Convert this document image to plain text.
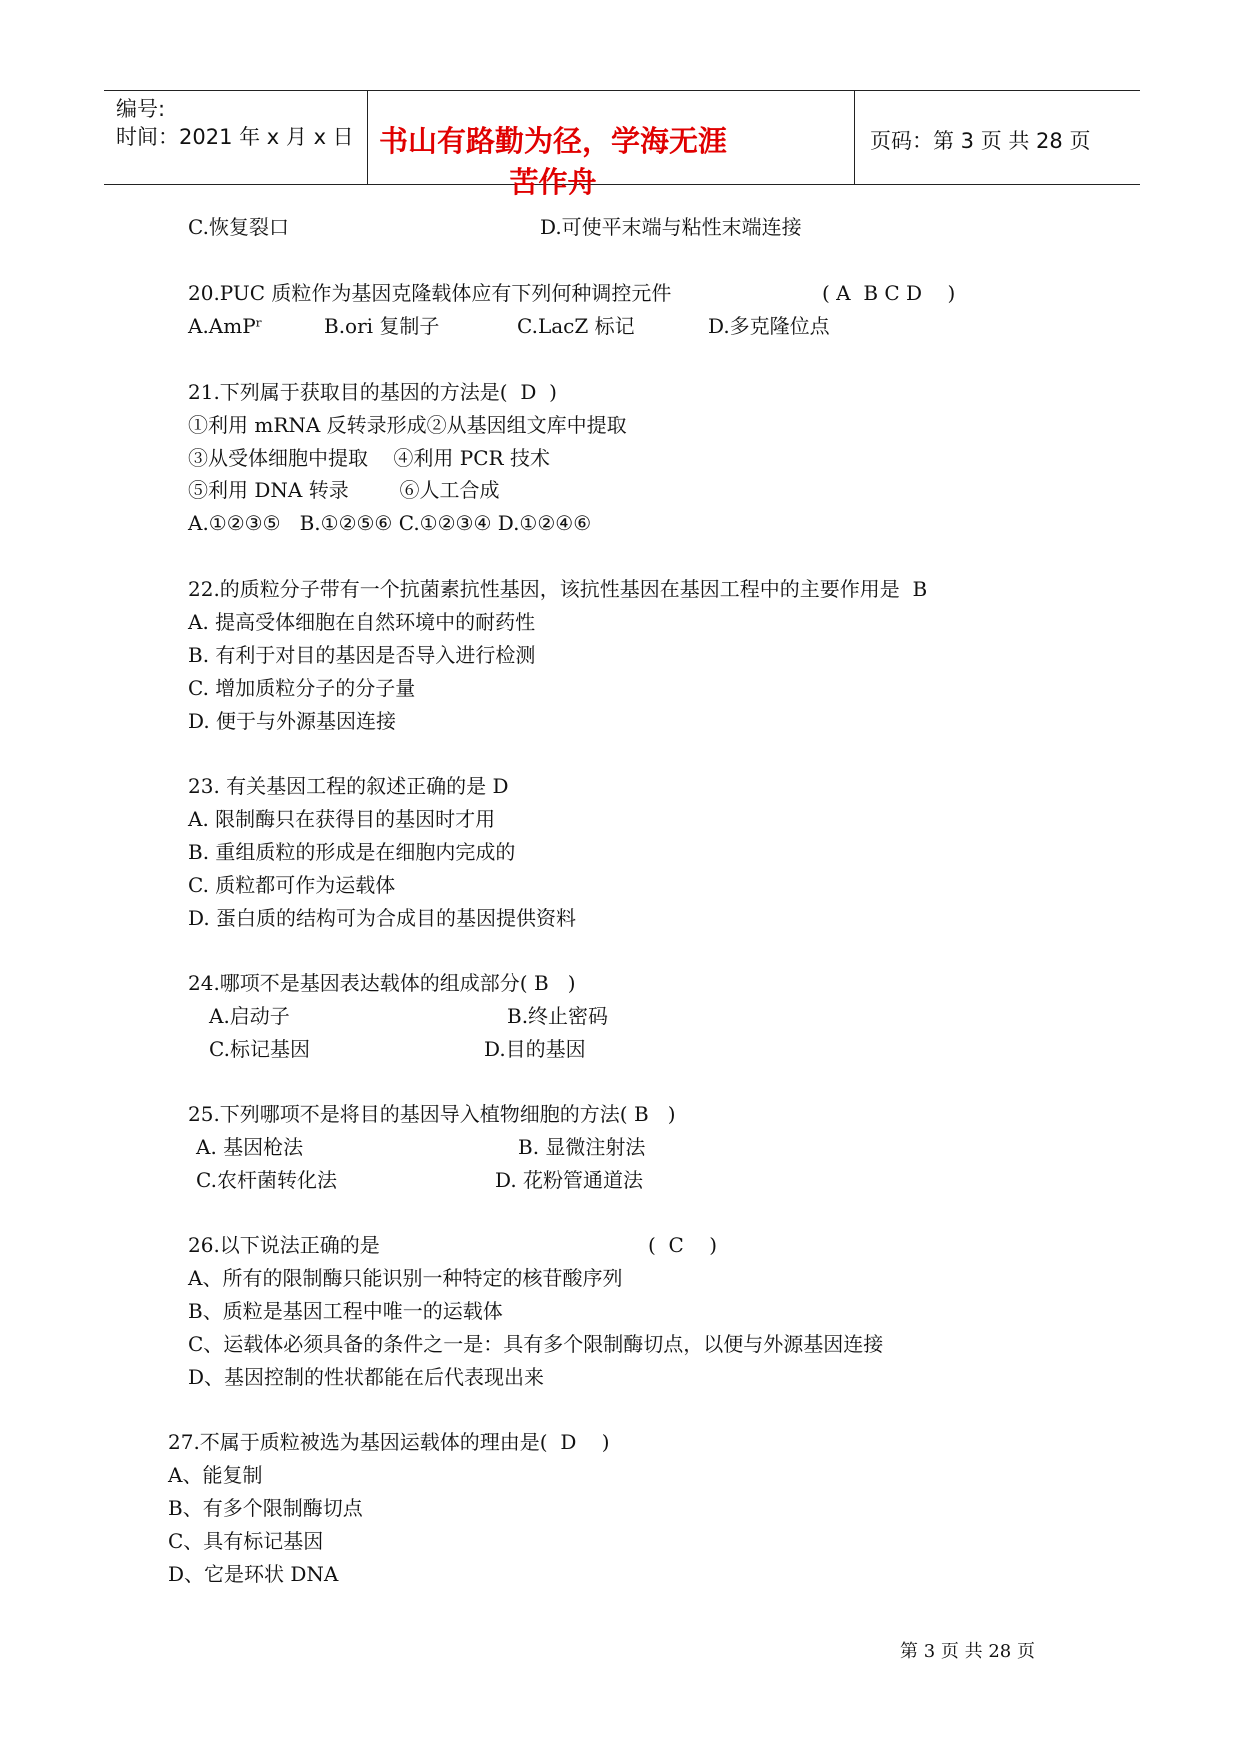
编号:
时间：2021 年 x 月 x 日 书山有路勤为径，学海无涯苦作舟
页码：第 3 页 共 28 页
C.恢复裂口	D.可使平末端与粘性末端连接
20.PUC 质粒作为基因克隆载体应有下列何种调控元件	( A  B C D    )
A.AmPʳ	B.ori 复制子	C.LacZ 标记	D.多克隆位点
21.下列属于获取目的基因的方法是(  D  )
①利用 mRNA 反转录形成②从基因组文库中提取
③从受体细胞中提取    ④利用 PCR 技术
⑤利用 DNA 转录        ⑥人工合成
A.①②③⑤   B.①②⑤⑥ C.①②③④ D.①②④⑥
22.的质粒分子带有一个抗菌素抗性基因，该抗性基因在基因工程中的主要作用是  B
A. 提高受体细胞在自然环境中的耐药性
B. 有利于对目的基因是否导入进行检测
C. 增加质粒分子的分子量
D. 便于与外源基因连接
23. 有关基因工程的叙述正确的是 D
A. 限制酶只在获得目的基因时才用
B. 重组质粒的形成是在细胞内完成的
C. 质粒都可作为运载体
D. 蛋白质的结构可为合成目的基因提供资料
24.哪项不是基因表达载体的组成部分( B   )
A.启动子	B.终止密码
C.标记基因	D.目的基因
25.下列哪项不是将目的基因导入植物细胞的方法( B   )
A. 基因枪法	B. 显微注射法
C.农杆菌转化法	D. 花粉管通道法
26.以下说法正确的是	(  C    )
A、所有的限制酶只能识别一种特定的核苷酸序列
B、质粒是基因工程中唯一的运载体
C、运载体必须具备的条件之一是：具有多个限制酶切点，以便与外源基因连接
D、基因控制的性状都能在后代表现出来
27.不属于质粒被选为基因运载体的理由是(  D    )
A、能复制
B、有多个限制酶切点
C、具有标记基因
D、它是环状 DNA
第 3 页 共 28 页
